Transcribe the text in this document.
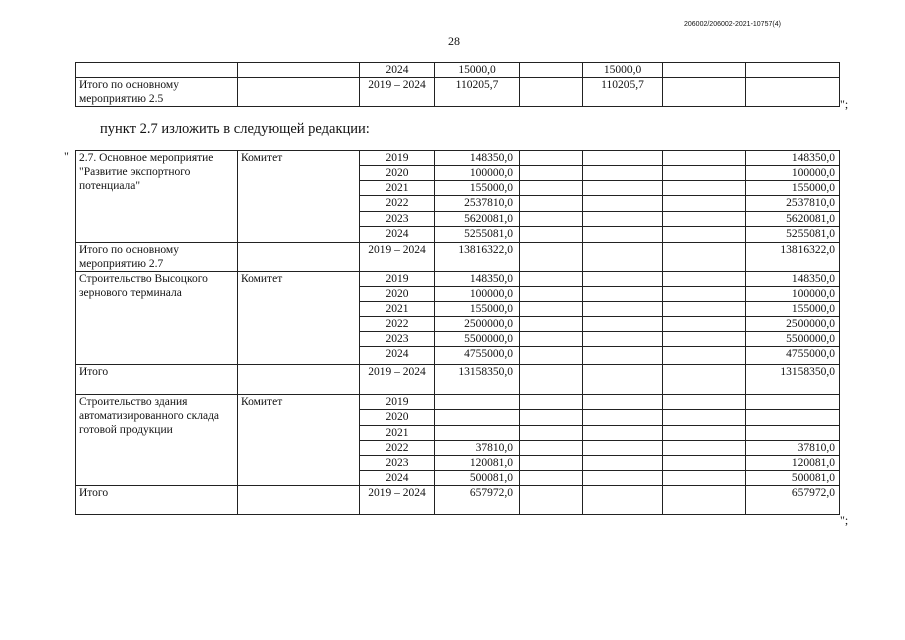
206002/206002-2021-10757(4)
28
		2024	15000,0		15000,0		
Итого по основному мероприятию 2.5		2019 – 2024	110205,7		110205,7		
";
пункт 2.7 изложить в следующей редакции:
" 2.7. Основное мероприятие "Развитие экспортного потенциала"	Комитет	2019	148350,0				148350,0
		2020	100000,0				100000,0
		2021	155000,0				155000,0
		2022	2537810,0				2537810,0
		2023	5620081,0				5620081,0
		2024	5255081,0				5255081,0
Итого по основному мероприятию 2.7		2019 – 2024	13816322,0				13816322,0
Строительство Высоцкого зернового терминала	Комитет	2019	148350,0				148350,0
		2020	100000,0				100000,0
		2021	155000,0				155000,0
		2022	2500000,0				2500000,0
		2023	5500000,0				5500000,0
		2024	4755000,0				4755000,0
Итого		2019 – 2024	13158350,0				13158350,0
Строительство здания автоматизированного склада готовой продукции	Комитет	2019					
		2020					
		2021					
		2022	37810,0				37810,0
		2023	120081,0				120081,0
		2024	500081,0				500081,0
Итого		2019 – 2024	657972,0				657972,0
";
